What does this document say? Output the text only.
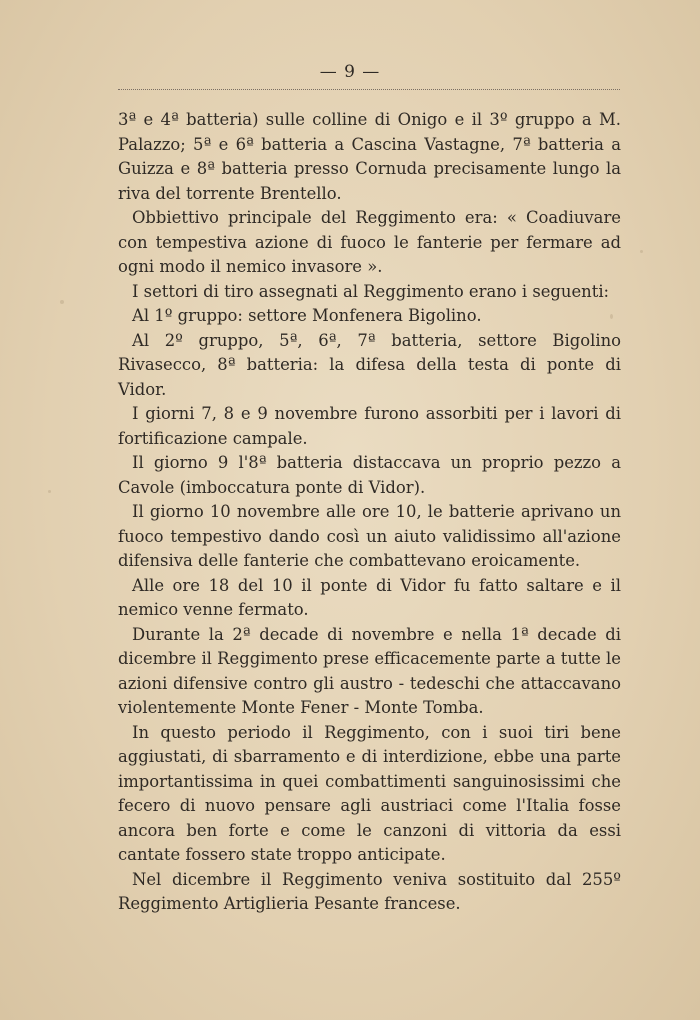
— 9 —

3ª e 4ª batteria) sulle colline di Onigo e il 3º gruppo a M. Palazzo; 5ª e 6ª batteria a Cascina Vastagne, 7ª batteria a Guizza e 8ª batteria presso Cornuda precisamente lungo la riva del torrente Brentello.

Obbiettivo principale del Reggimento era: « Coadiuvare con tempestiva azione di fuoco le fanterie per fermare ad ogni modo il nemico invasore ».

I settori di tiro assegnati al Reggimento erano i seguenti:

Al 1º gruppo: settore Monfenera Bigolino.

Al 2º gruppo, 5ª, 6ª, 7ª batteria, settore Bigolino Rivasecco, 8ª batteria: la difesa della testa di ponte di Vidor.

I giorni 7, 8 e 9 novembre furono assorbiti per i lavori di fortificazione campale.

Il giorno 9 l'8ª batteria distaccava un proprio pezzo a Cavole (imboccatura ponte di Vidor).

Il giorno 10 novembre alle ore 10, le batterie aprivano un fuoco tempestivo dando così un aiuto validissimo all'azione difensiva delle fanterie che combattevano eroicamente.

Alle ore 18 del 10 il ponte di Vidor fu fatto saltare e il nemico venne fermato.

Durante la 2ª decade di novembre e nella 1ª decade di dicembre il Reggimento prese efficacemente parte a tutte le azioni difensive contro gli austro - tedeschi che attaccavano violentemente Monte Fener - Monte Tomba.

In questo periodo il Reggimento, con i suoi tiri bene aggiustati, di sbarramento e di interdizione, ebbe una parte importantissima in quei combattimenti sanguinosissimi che fecero di nuovo pensare agli austriaci come l'Italia fosse ancora ben forte e come le canzoni di vittoria da essi cantate fossero state troppo anticipate.

Nel dicembre il Reggimento veniva sostituito dal 255º Reggimento Artiglieria Pesante francese.
